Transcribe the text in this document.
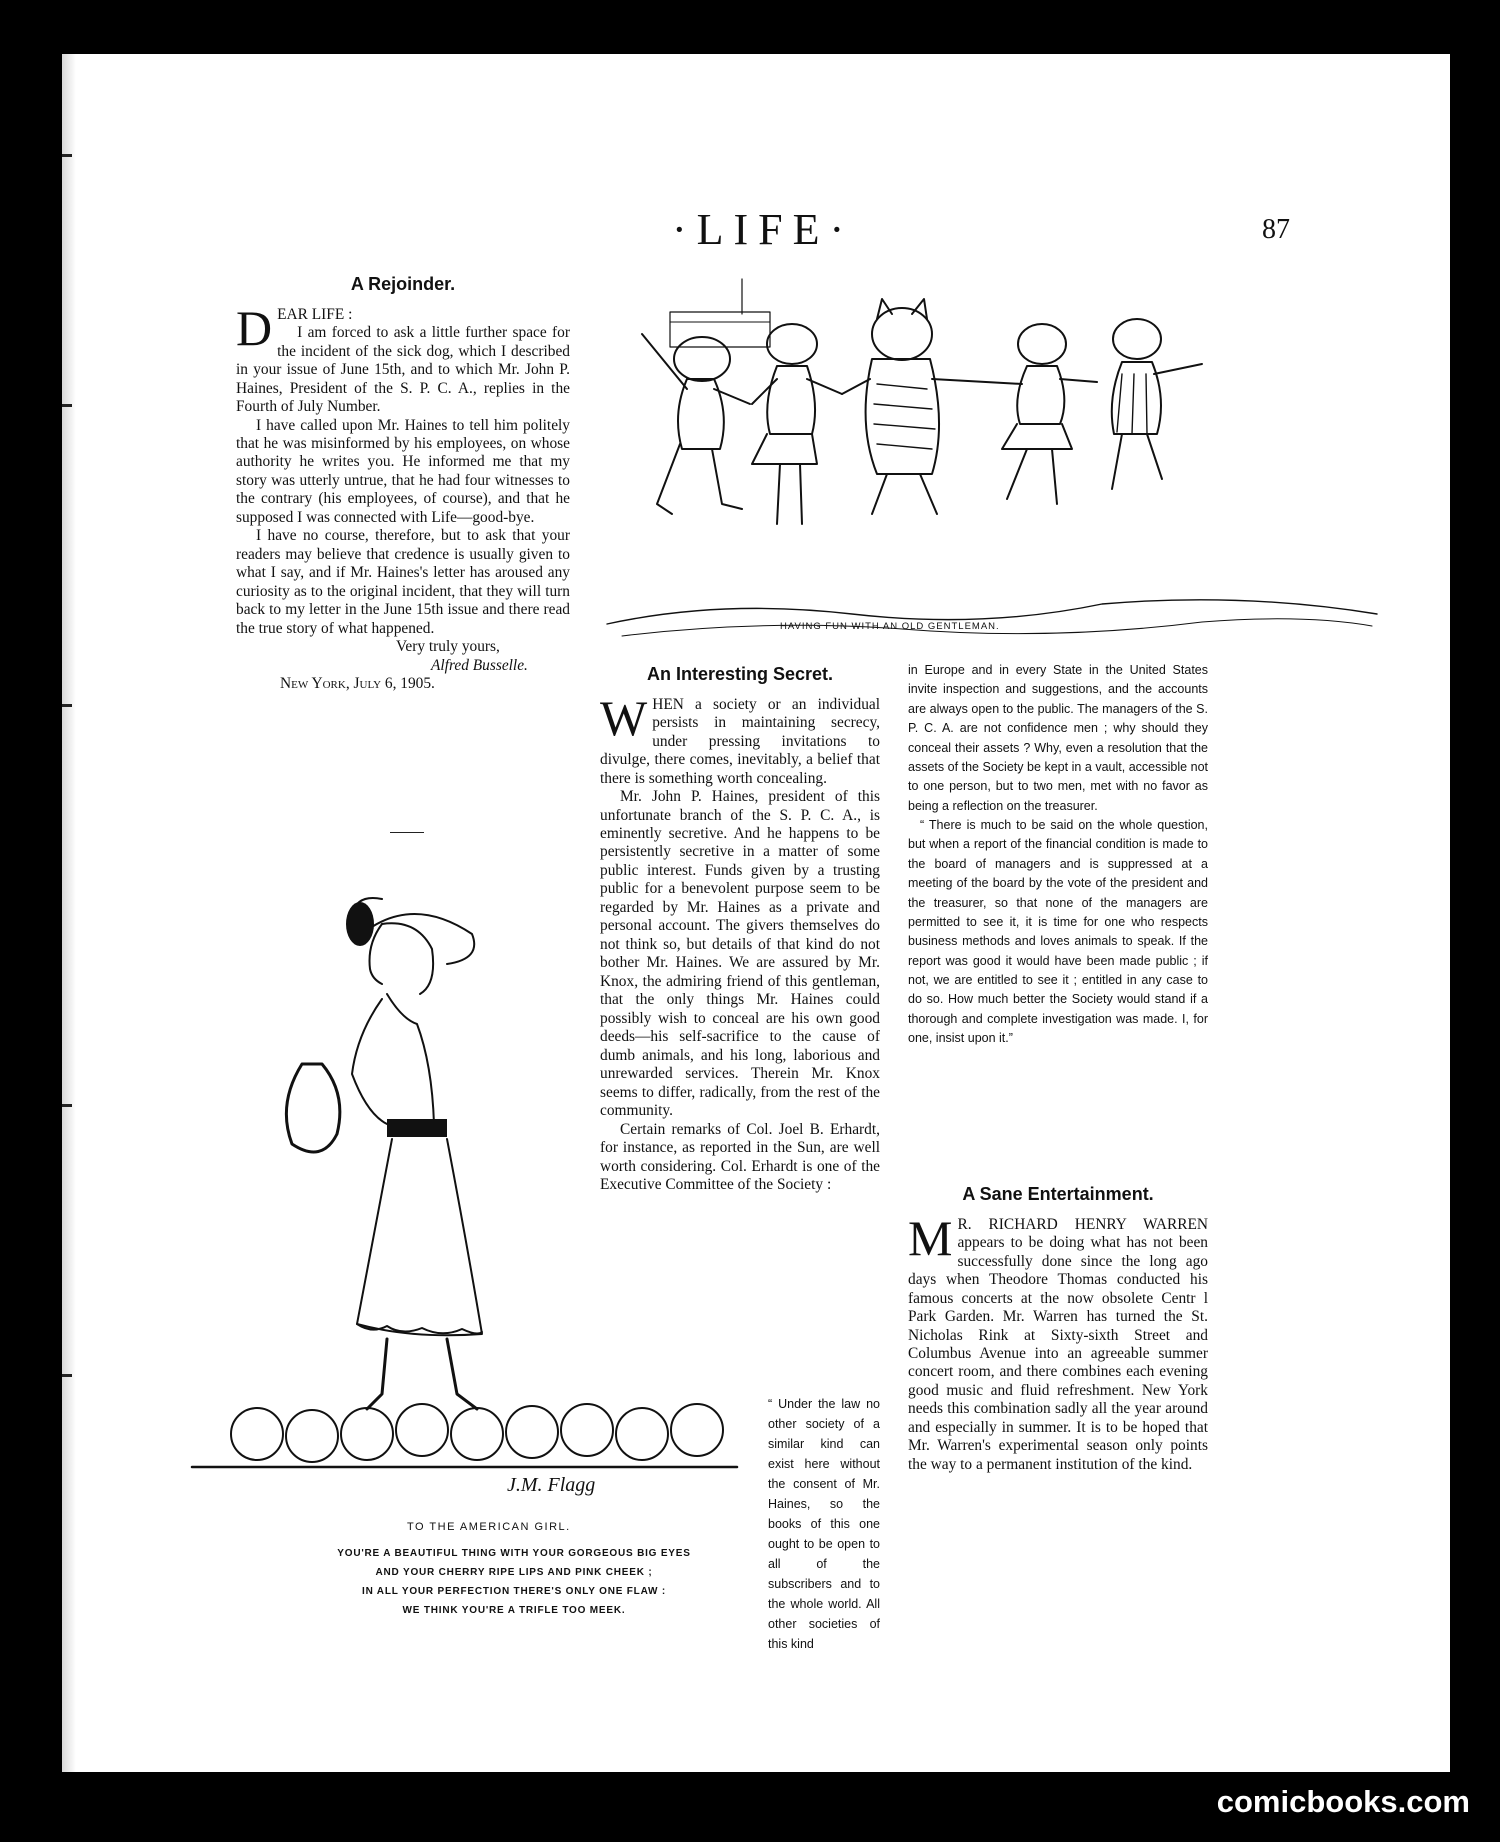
·LIFE·	87
A Rejoinder.

DEAR LIFE :

I am forced to ask a little further space for the incident of the sick dog, which I described in your issue of June 15th, and to which Mr. John P. Haines, President of the S. P. C. A., replies in the Fourth of July Number.

I have called upon Mr. Haines to tell him politely that he was misinformed by his employees, on whose authority he writes you. He informed me that my story was utterly untrue, that he had four witnesses to the contrary (his employees, of course), and that he supposed I was connected with Life—good-bye.

I have no course, therefore, but to ask that your readers may believe that credence is usually given to what I say, and if Mr. Haines's letter has aroused any curiosity as to the original incident, that they will turn back to my letter in the June 15th issue and there read the true story of what happened.

Very truly yours,

Alfred Busselle.

New York, July 6, 1905.

HAVING FUN WITH AN OLD GENTLEMAN.
An Interesting Secret.

WHEN a society or an individual persists in maintaining secrecy, under pressing invitations to divulge, there comes, inevitably, a belief that there is something worth concealing.

Mr. John P. Haines, president of this unfortunate branch of the S. P. C. A., is eminently secretive. And he happens to be persistently secretive in a matter of some public interest. Funds given by a trusting public for a benevolent purpose seem to be regarded by Mr. Haines as a private and personal account. The givers themselves do not think so, but details of that kind do not bother Mr. Haines. We are assured by Mr. Knox, the admiring friend of this gentleman, that the only things Mr. Haines could possibly wish to conceal are his own good deeds—his self-sacrifice to the cause of dumb animals, and his long, laborious and unrewarded services. Therein Mr. Knox seems to differ, radically, from the rest of the community.

Certain remarks of Col. Joel B. Erhardt, for instance, as reported in the Sun, are well worth considering. Col. Erhardt is one of the Executive Committee of the Society :

“ Under the law no other society of a similar kind can exist here without the consent of Mr. Haines, so the books of this one ought to be open to all of the subscribers and to the whole world. All other societies of this kind

in Europe and in every State in the United States invite inspection and suggestions, and the accounts are always open to the public. The managers of the S. P. C. A. are not confidence men ; why should they conceal their assets ? Why, even a resolution that the assets of the Society be kept in a vault, accessible not to one person, but to two men, met with no favor as being a reflection on the treasurer.

“ There is much to be said on the whole question, but when a report of the financial condition is made to the board of managers and is suppressed at a meeting of the board by the vote of the president and the treasurer, so that none of the managers are permitted to see it, it is time for one who respects business methods and loves animals to speak. If the report was good it would have been made public ; if not, we are entitled to see it ; entitled in any case to do so. How much better the Society would stand if a thorough and complete investigation was made. I, for one, insist upon it.”

A Sane Entertainment.

M R. RICHARD HENRY WARREN appears to be doing what has not been successfully done since the long ago days when Theodore Thomas conducted his famous concerts at the now obsolete Centr l Park Garden. Mr. Warren has turned the St. Nicholas Rink at Sixty-sixth Street and Columbus Avenue into an agreeable summer concert room, and there combines each evening good music and fluid refreshment. New York needs this combination sadly all the year around and especially in summer. It is to be hoped that Mr. Warren's experimental season only points the way to a permanent institution of the kind.

J.M. Flagg
TO THE AMERICAN GIRL.
YOU'RE A BEAUTIFUL THING WITH YOUR GORGEOUS BIG EYES
AND YOUR CHERRY RIPE LIPS AND PINK CHEEK ;
IN ALL YOUR PERFECTION THERE'S ONLY ONE FLAW :
WE THINK YOU'RE A TRIFLE TOO MEEK.
comicbooks.com
